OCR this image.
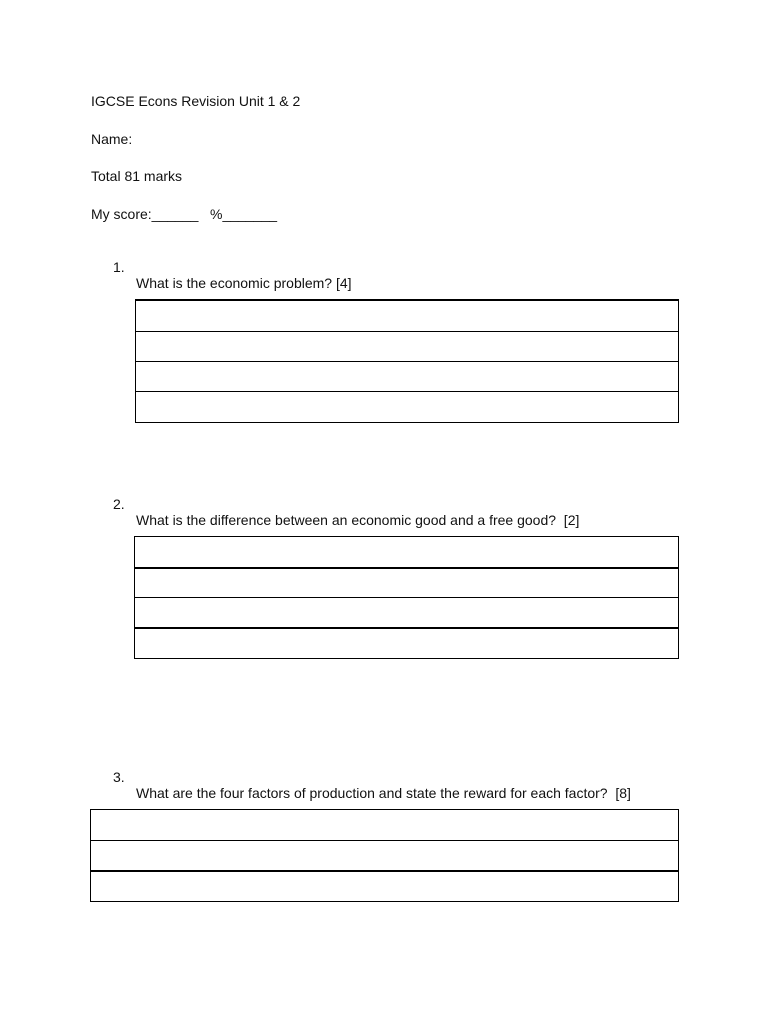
IGCSE Econs Revision Unit 1 & 2

Name:

Total 81 marks

My score:______   %_______

1.

What is the economic problem? [4]

2.

What is the difference between an economic good and a free good?  [2]

3.

What are the four factors of production and state the reward for each factor?  [8]
